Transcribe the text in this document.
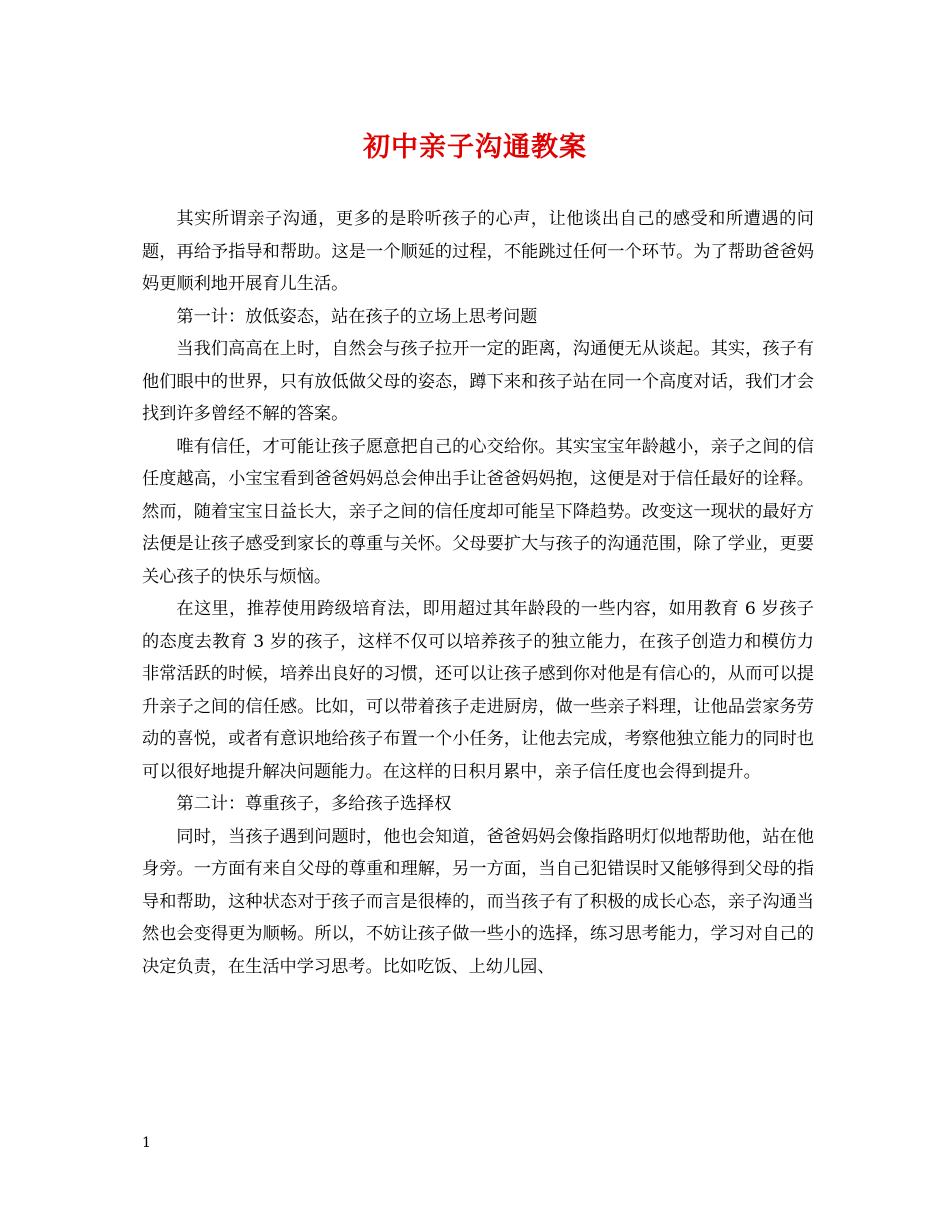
初中亲子沟通教案

其实所谓亲子沟通，更多的是聆听孩子的心声，让他谈出自己的感受和所遭遇的问题，再给予指导和帮助。这是一个顺延的过程，不能跳过任何一个环节。为了帮助爸爸妈妈更顺利地开展育儿生活。

第一计：放低姿态，站在孩子的立场上思考问题

当我们高高在上时，自然会与孩子拉开一定的距离，沟通便无从谈起。其实，孩子有他们眼中的世界，只有放低做父母的姿态，蹲下来和孩子站在同一个高度对话，我们才会找到许多曾经不解的答案。

唯有信任，才可能让孩子愿意把自己的心交给你。其实宝宝年龄越小，亲子之间的信任度越高，小宝宝看到爸爸妈妈总会伸出手让爸爸妈妈抱，这便是对于信任最好的诠释。然而，随着宝宝日益长大，亲子之间的信任度却可能呈下降趋势。改变这一现状的最好方法便是让孩子感受到家长的尊重与关怀。父母要扩大与孩子的沟通范围，除了学业，更要关心孩子的快乐与烦恼。

在这里，推荐使用跨级培育法，即用超过其年龄段的一些内容，如用教育 6 岁孩子的态度去教育 3 岁的孩子，这样不仅可以培养孩子的独立能力，在孩子创造力和模仿力非常活跃的时候，培养出良好的习惯，还可以让孩子感到你对他是有信心的，从而可以提升亲子之间的信任感。比如，可以带着孩子走进厨房，做一些亲子料理，让他品尝家务劳动的喜悦，或者有意识地给孩子布置一个小任务，让他去完成，考察他独立能力的同时也可以很好地提升解决问题能力。在这样的日积月累中，亲子信任度也会得到提升。

第二计：尊重孩子，多给孩子选择权

同时，当孩子遇到问题时，他也会知道，爸爸妈妈会像指路明灯似地帮助他，站在他身旁。一方面有来自父母的尊重和理解，另一方面，当自己犯错误时又能够得到父母的指导和帮助，这种状态对于孩子而言是很棒的，而当孩子有了积极的成长心态，亲子沟通当然也会变得更为顺畅。所以，不妨让孩子做一些小的选择，练习思考能力，学习对自己的决定负责，在生活中学习思考。比如吃饭、上幼儿园、

1
